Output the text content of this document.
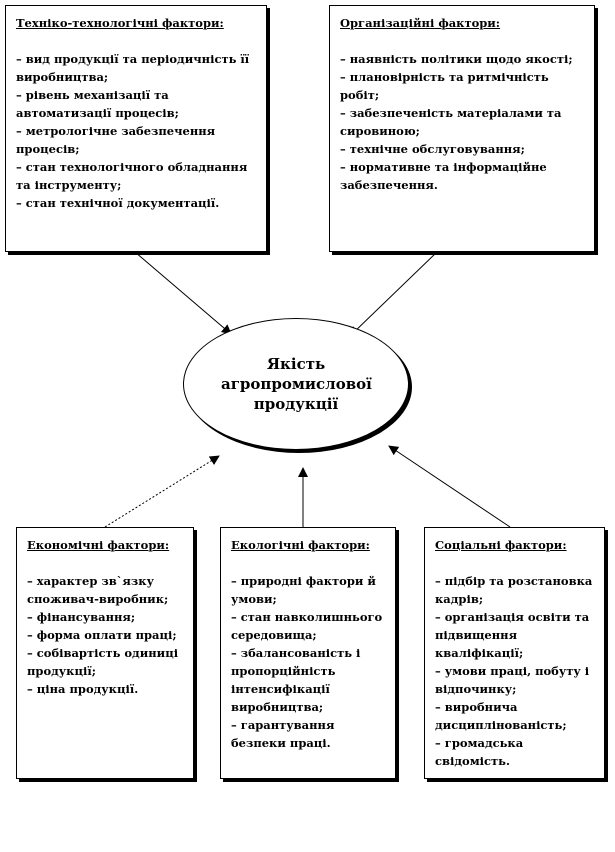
Техніко-технологічні фактори:

– вид продукції та періодичність її виробництва;

– рівень механізації та автоматизації процесів;

– метрологічне забезпечення процесів;

– стан технологічного обладнання та інструменту;

– стан технічної документації.

Організаційні фактори:

– наявність політики щодо якості;

– плановірність та ритмічність робіт;

– забезпеченість матеріалами та сировиною;

– технічне обслуговування;

– нормативне та інформаційне забезпечення.

Якість агропромислової продукції
Економічні фактори:

– характер зв`язку споживач-виробник;

– фінансування;

– форма оплати праці;

– собівартість одиниці продукції;

– ціна продукції.

Екологічні фактори:

– природні фактори й умови;

– стан навколишнього середовища;

– збалансованість і пропорційність інтенсифікації виробництва;

– гарантування безпеки праці.

Соціальні фактори:

– підбір та розстановка кадрів;

– організація освіти та підвищення кваліфікації;

– умови праці, побуту і відпочинку;

– виробнича дисциплінованість;

– громадська свідомість.
